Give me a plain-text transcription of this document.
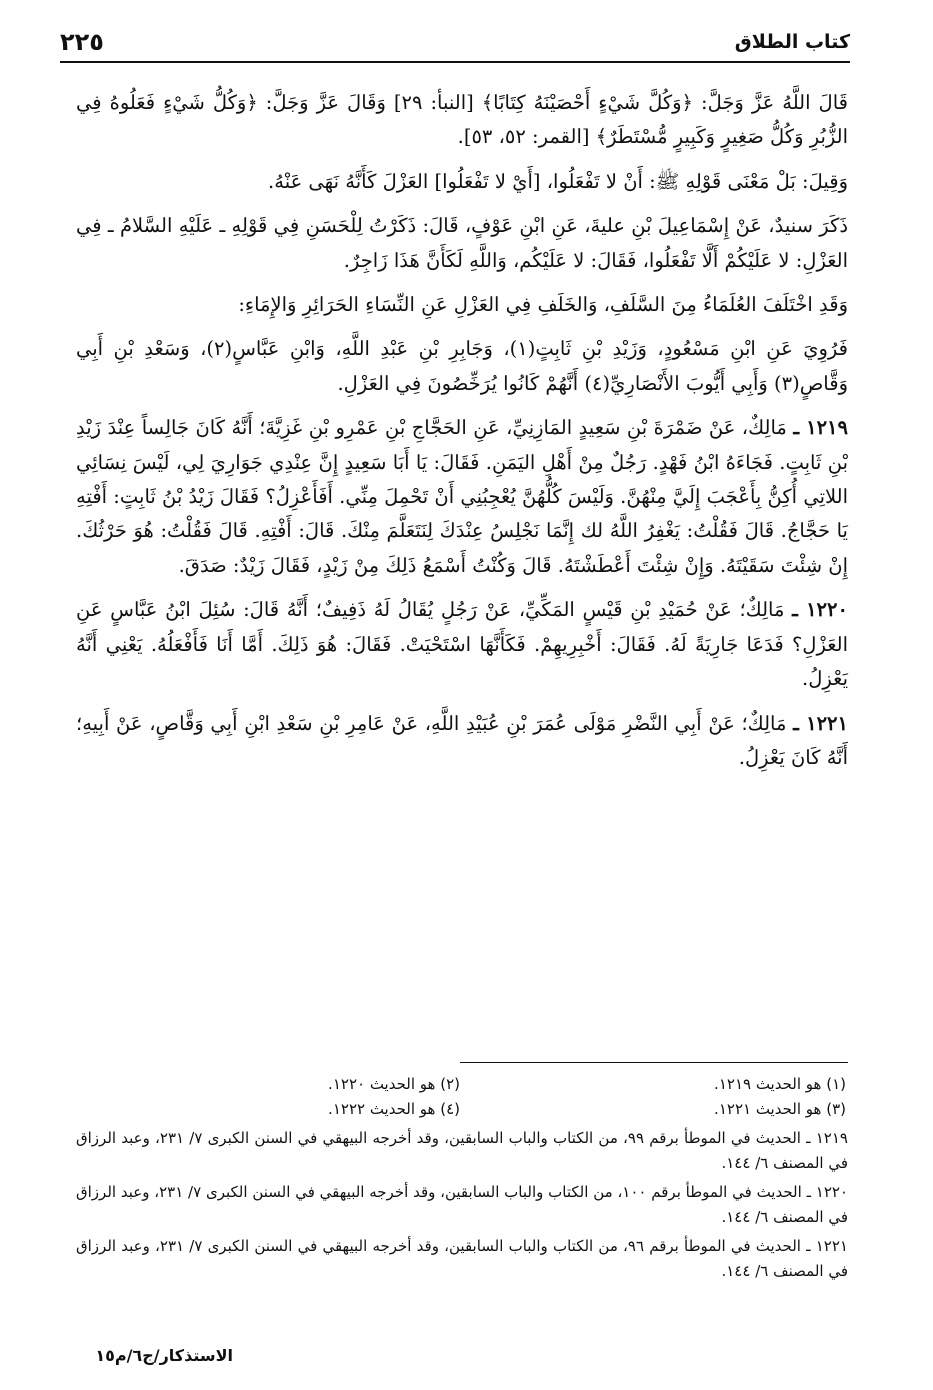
٢٢٥	كتاب الطلاق

قَالَ اللَّهُ عَزَّ وَجَلَّ: ﴿وَكُلَّ شَيْءٍ أَحْصَيْنَهُ كِتَابًا﴾ [النبأ: ٢٩] وَقَالَ عَزَّ وَجَلَّ: ﴿وَكُلُّ شَيْءٍ فَعَلُوهُ فِي الزُّبُرِ وَكُلُّ صَغِيرٍ وَكَبِيرٍ مُّسْتَطَرٌ﴾ [القمر: ٥٢، ٥٣].

وَقِيلَ: بَلْ مَعْنَى قَوْلِهِ ﷺ: أَنْ لا تَفْعَلُوا، [أَيْ لا تَفْعَلُوا] العَزْلَ كَأَنَّهُ نَهَى عَنْهُ.

ذَكَرَ سنيدٌ، عَنْ إِسْمَاعِيلَ بْنِ عليةَ، عَنِ ابْنِ عَوْفٍ، قَالَ: ذَكَرْتُ لِلْحَسَنِ فِي قَوْلِهِ ـ عَلَيْهِ السَّلامُ ـ فِي العَزْلِ: لا عَلَيْكُمْ أَلَّا تَفْعَلُوا، فَقَالَ: لا عَلَيْكُم، وَاللَّهِ لَكَأَنَّ هَذَا زَاجِرٌ.

وَقَدِ اخْتَلَفَ العُلَمَاءُ مِنَ السَّلَفِ، وَالخَلَفِ فِي العَزْلِ عَنِ النِّسَاءِ الحَرَائِرِ وَالإِمَاءِ:

فَرُوِيَ عَنِ ابْنِ مَسْعُودٍ، وَزَيْدِ بْنِ ثَابِتٍ(١)، وَجَابِرِ بْنِ عَبْدِ اللَّهِ، وَابْنِ عَبَّاسٍ(٢)، وَسَعْدِ بْنِ أَبِي وَقَّاصٍ(٣) وَأَبِي أَيُّوبَ الأَنْصَارِيِّ(٤) أَنَّهُمْ كَانُوا يُرَخِّصُونَ فِي العَزْلِ.

١٢١٩ ـ مَالِكٌ، عَنْ ضَمْرَةَ بْنِ سَعِيدٍ المَازِنِيِّ، عَنِ الحَجَّاجِ بْنِ عَمْرِو بْنِ غَزِيَّةَ؛ أَنَّهُ كَانَ جَالِساً عِنْدَ زَيْدِ بْنِ ثَابِتٍ. فَجَاءَهُ ابْنُ فَهْدٍ. رَجُلٌ مِنْ أَهْلِ اليَمَنِ. فَقَالَ: يَا أَبَا سَعِيدٍ إِنَّ عِنْدِي جَوَارِيَ لِي، لَيْسَ نِسَائِي اللاتِي أُكِنُّ بِأَعْجَبَ إِلَيَّ مِنْهُنَّ. وَلَيْسَ كُلُّهُنَّ يُعْجِبُنِي أَنْ تَحْمِلَ مِنِّي. أَفَأَعْزِلُ؟ فَقَالَ زَيْدُ بْنُ ثَابِتٍ: أَفْتِهِ يَا حَجَّاجُ. قَالَ فَقُلْتُ: يَغْفِرُ اللَّهُ لك إِنَّمَا نَجْلِسُ عِنْدَكَ لِنَتَعَلَّمَ مِنْكَ. قَالَ: أَفْتِهِ. قَالَ فَقُلْتُ: هُوَ حَرْثُكَ. إِنْ شِئْتَ سَقَيْتَهُ. وَإِنْ شِئْتَ أَعْطَشْتَهُ. قَالَ وَكُنْتُ أَسْمَعُ ذَلِكَ مِنْ زَيْدٍ، فَقَالَ زَيْدٌ: صَدَقَ.

١٢٢٠ ـ مَالِكٌ؛ عَنْ حُمَيْدِ بْنِ قَيْسٍ المَكِّيِّ، عَنْ رَجُلٍ يُقَالُ لَهُ ذَفِيفٌ؛ أَنَّهُ قَالَ: سُئِلَ ابْنُ عَبَّاسٍ عَنِ العَزْلِ؟ فَدَعَا جَارِيَةً لَهُ. فَقَالَ: أَخْبِرِيهِمْ. فَكَأَنَّهَا اسْتَحْيَتْ. فَقَالَ: هُوَ ذَلِكَ. أَمَّا أَنَا فَأَفْعَلُهُ. يَعْنِي أَنَّهُ يَعْزِلُ.

١٢٢١ ـ مَالِكٌ؛ عَنْ أَبِي النَّضْرِ مَوْلَى عُمَرَ بْنِ عُبَيْدِ اللَّهِ، عَنْ عَامِرِ بْنِ سَعْدِ ابْنِ أَبِي وَقَّاصٍ، عَنْ أَبِيهِ؛ أَنَّهُ كَانَ يَعْزِلُ.

(١) هو الحديث ١٢١٩.
(٢) هو الحديث ١٢٢٠.
(٣) هو الحديث ١٢٢١.
(٤) هو الحديث ١٢٢٢.
١٢١٩ ـ الحديث في الموطأ برقم ٩٩، من الكتاب والباب السابقين، وقد أخرجه البيهقي في السنن الكبرى ٧/ ٢٣١، وعبد الرزاق في المصنف ٦/ ١٤٤.
١٢٢٠ ـ الحديث في الموطأ برقم ١٠٠، من الكتاب والباب السابقين، وقد أخرجه البيهقي في السنن الكبرى ٧/ ٢٣١، وعبد الرزاق في المصنف ٦/ ١٤٤.
١٢٢١ ـ الحديث في الموطأ برقم ٩٦، من الكتاب والباب السابقين، وقد أخرجه البيهقي في السنن الكبرى ٧/ ٢٣١، وعبد الرزاق في المصنف ٦/ ١٤٤.
الاستذكار/ج٦/م١٥
